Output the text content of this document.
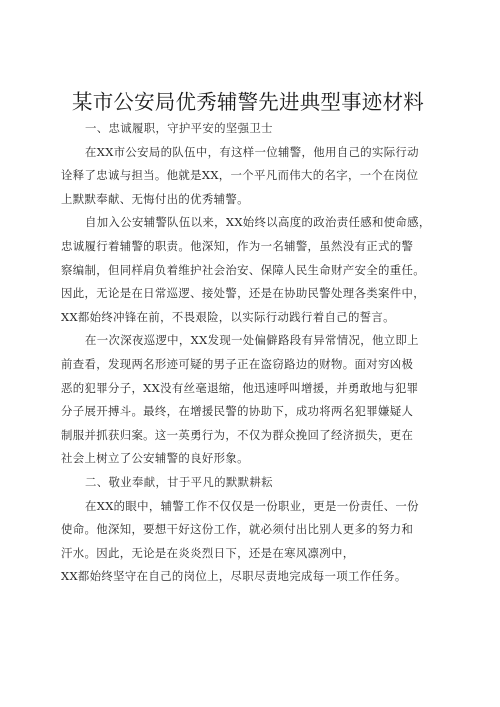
某市公安局优秀辅警先进典型事迹材料
一、忠诚履职，守护平安的坚强卫士
在XX市公安局的队伍中，有这样一位辅警，他用自己的实际行动
诠释了忠诚与担当。他就是XX，一个平凡而伟大的名字，一个在岗位
上默默奉献、无悔付出的优秀辅警。
自加入公安辅警队伍以来，XX始终以高度的政治责任感和使命感，
忠诚履行着辅警的职责。他深知，作为一名辅警，虽然没有正式的警
察编制，但同样肩负着维护社会治安、保障人民生命财产安全的重任。
因此，无论是在日常巡逻、接处警，还是在协助民警处理各类案件中，
XX都始终冲锋在前，不畏艰险，以实际行动践行着自己的誓言。
在一次深夜巡逻中，XX发现一处偏僻路段有异常情况，他立即上
前查看，发现两名形迹可疑的男子正在盗窃路边的财物。面对穷凶极
恶的犯罪分子，XX没有丝毫退缩，他迅速呼叫增援，并勇敢地与犯罪
分子展开搏斗。最终，在增援民警的协助下，成功将两名犯罪嫌疑人
制服并抓获归案。这一英勇行为，不仅为群众挽回了经济损失，更在
社会上树立了公安辅警的良好形象。
二、敬业奉献，甘于平凡的默默耕耘
在XX的眼中，辅警工作不仅仅是一份职业，更是一份责任、一份
使命。他深知，要想干好这份工作，就必须付出比别人更多的努力和
汗水。因此，无论是在炎炎烈日下，还是在寒风凛冽中，
XX都始终坚守在自己的岗位上，尽职尽责地完成每一项工作任务。
